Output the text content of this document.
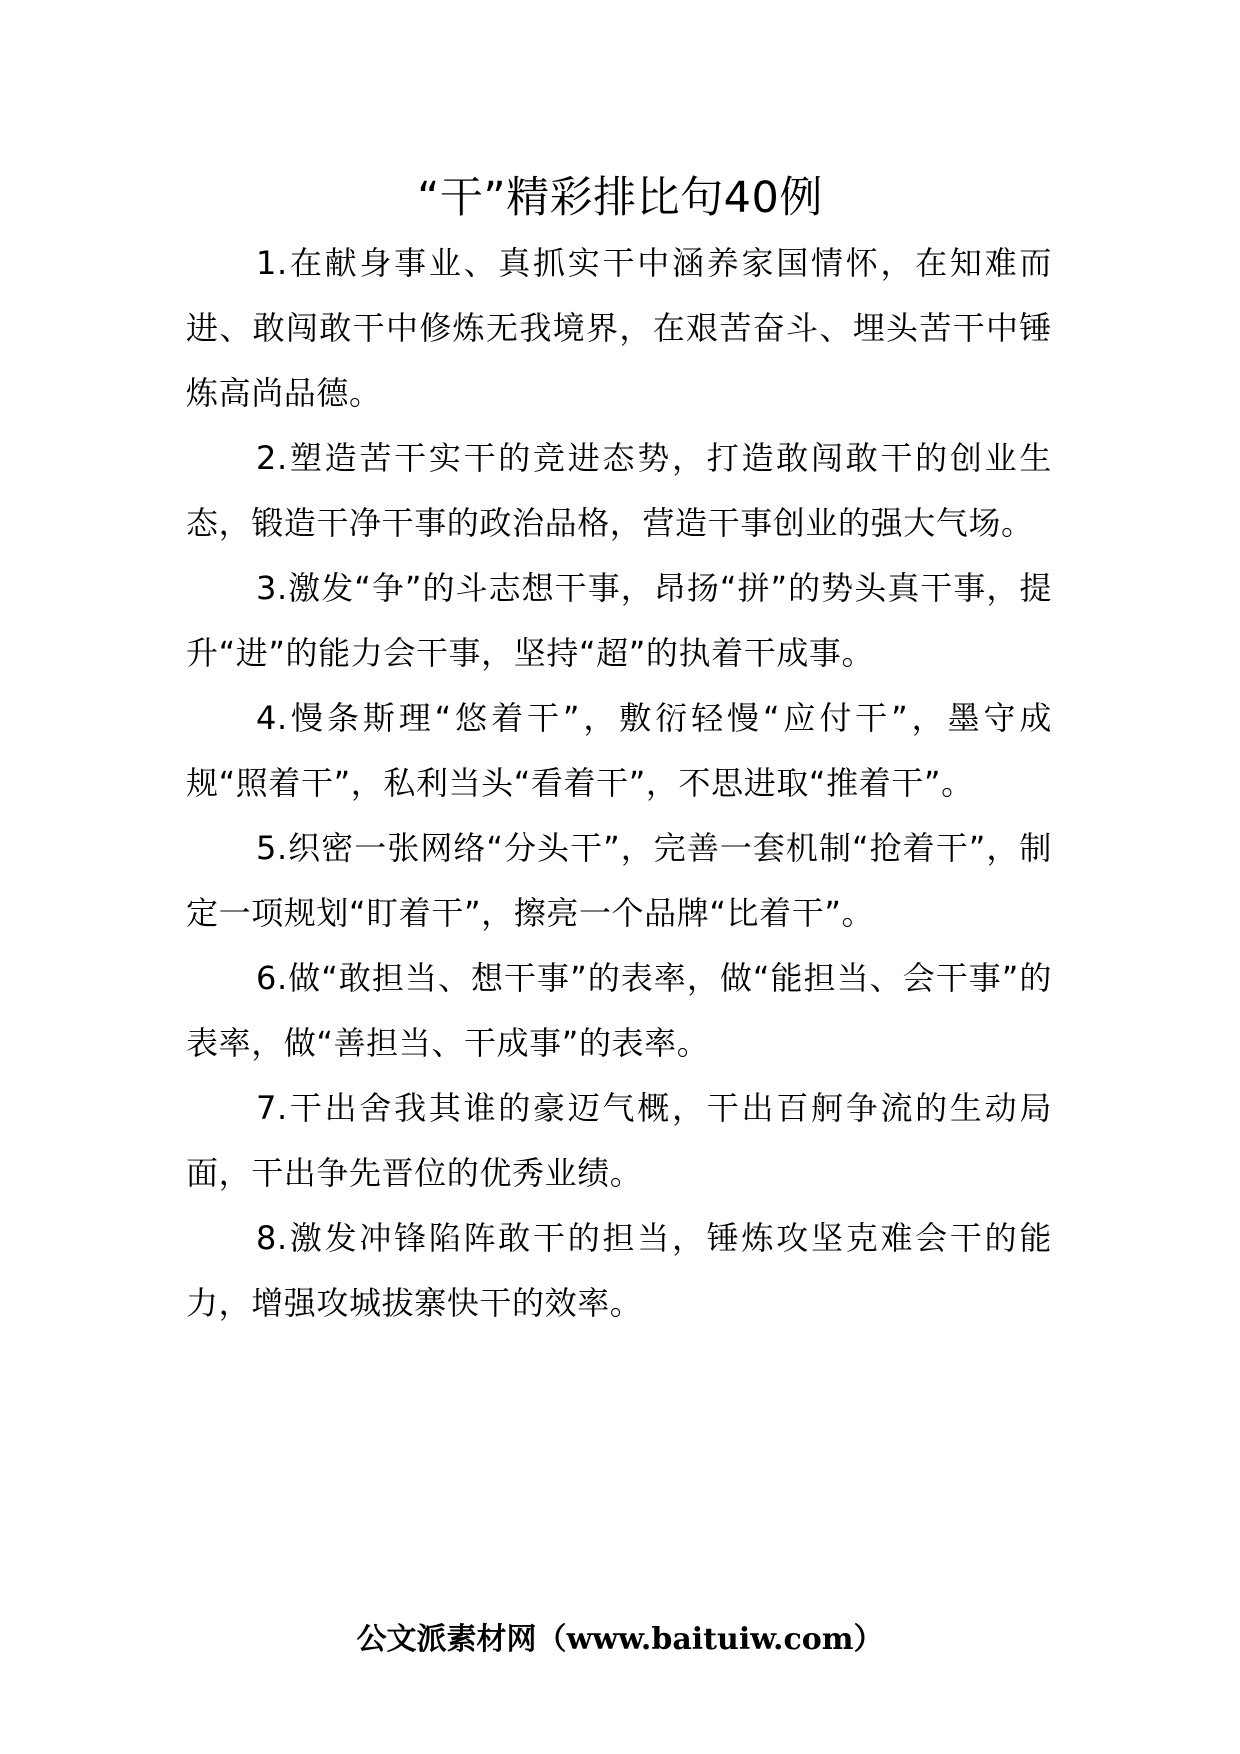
“干”精彩排比句40例

1.在献身事业、真抓实干中涵养家国情怀，在知难而进、敢闯敢干中修炼无我境界，在艰苦奋斗、埋头苦干中锤炼高尚品德。

2.塑造苦干实干的竞进态势，打造敢闯敢干的创业生态，锻造干净干事的政治品格，营造干事创业的强大气场。

3.激发“争”的斗志想干事，昂扬“拼”的势头真干事，提升“进”的能力会干事，坚持“超”的执着干成事。

4.慢条斯理“悠着干”，敷衍轻慢“应付干”，墨守成规“照着干”，私利当头“看着干”，不思进取“推着干”。

5.织密一张网络“分头干”，完善一套机制“抢着干”，制定一项规划“盯着干”，擦亮一个品牌“比着干”。

6.做“敢担当、想干事”的表率，做“能担当、会干事”的表率，做“善担当、干成事”的表率。

7.干出舍我其谁的豪迈气概，干出百舸争流的生动局面，干出争先晋位的优秀业绩。

8.激发冲锋陷阵敢干的担当，锤炼攻坚克难会干的能力，增强攻城拔寨快干的效率。

公文派素材网（www.baituiw.com）
